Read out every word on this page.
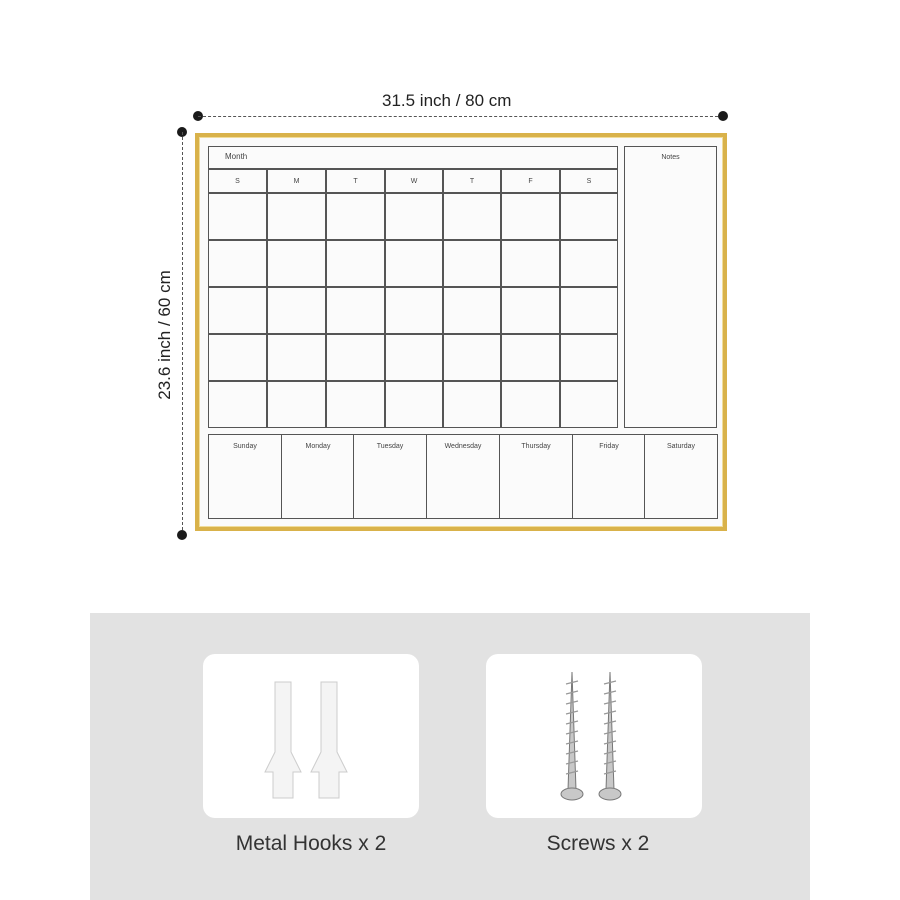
31.5 inch / 80 cm
23.6 inch / 60 cm
Month
S	M	T	W	T	F	S
Notes
Sunday	Monday	Tuesday	Wednesday	Thursday	Friday	Saturday
Metal Hooks x 2	Screws x 2
